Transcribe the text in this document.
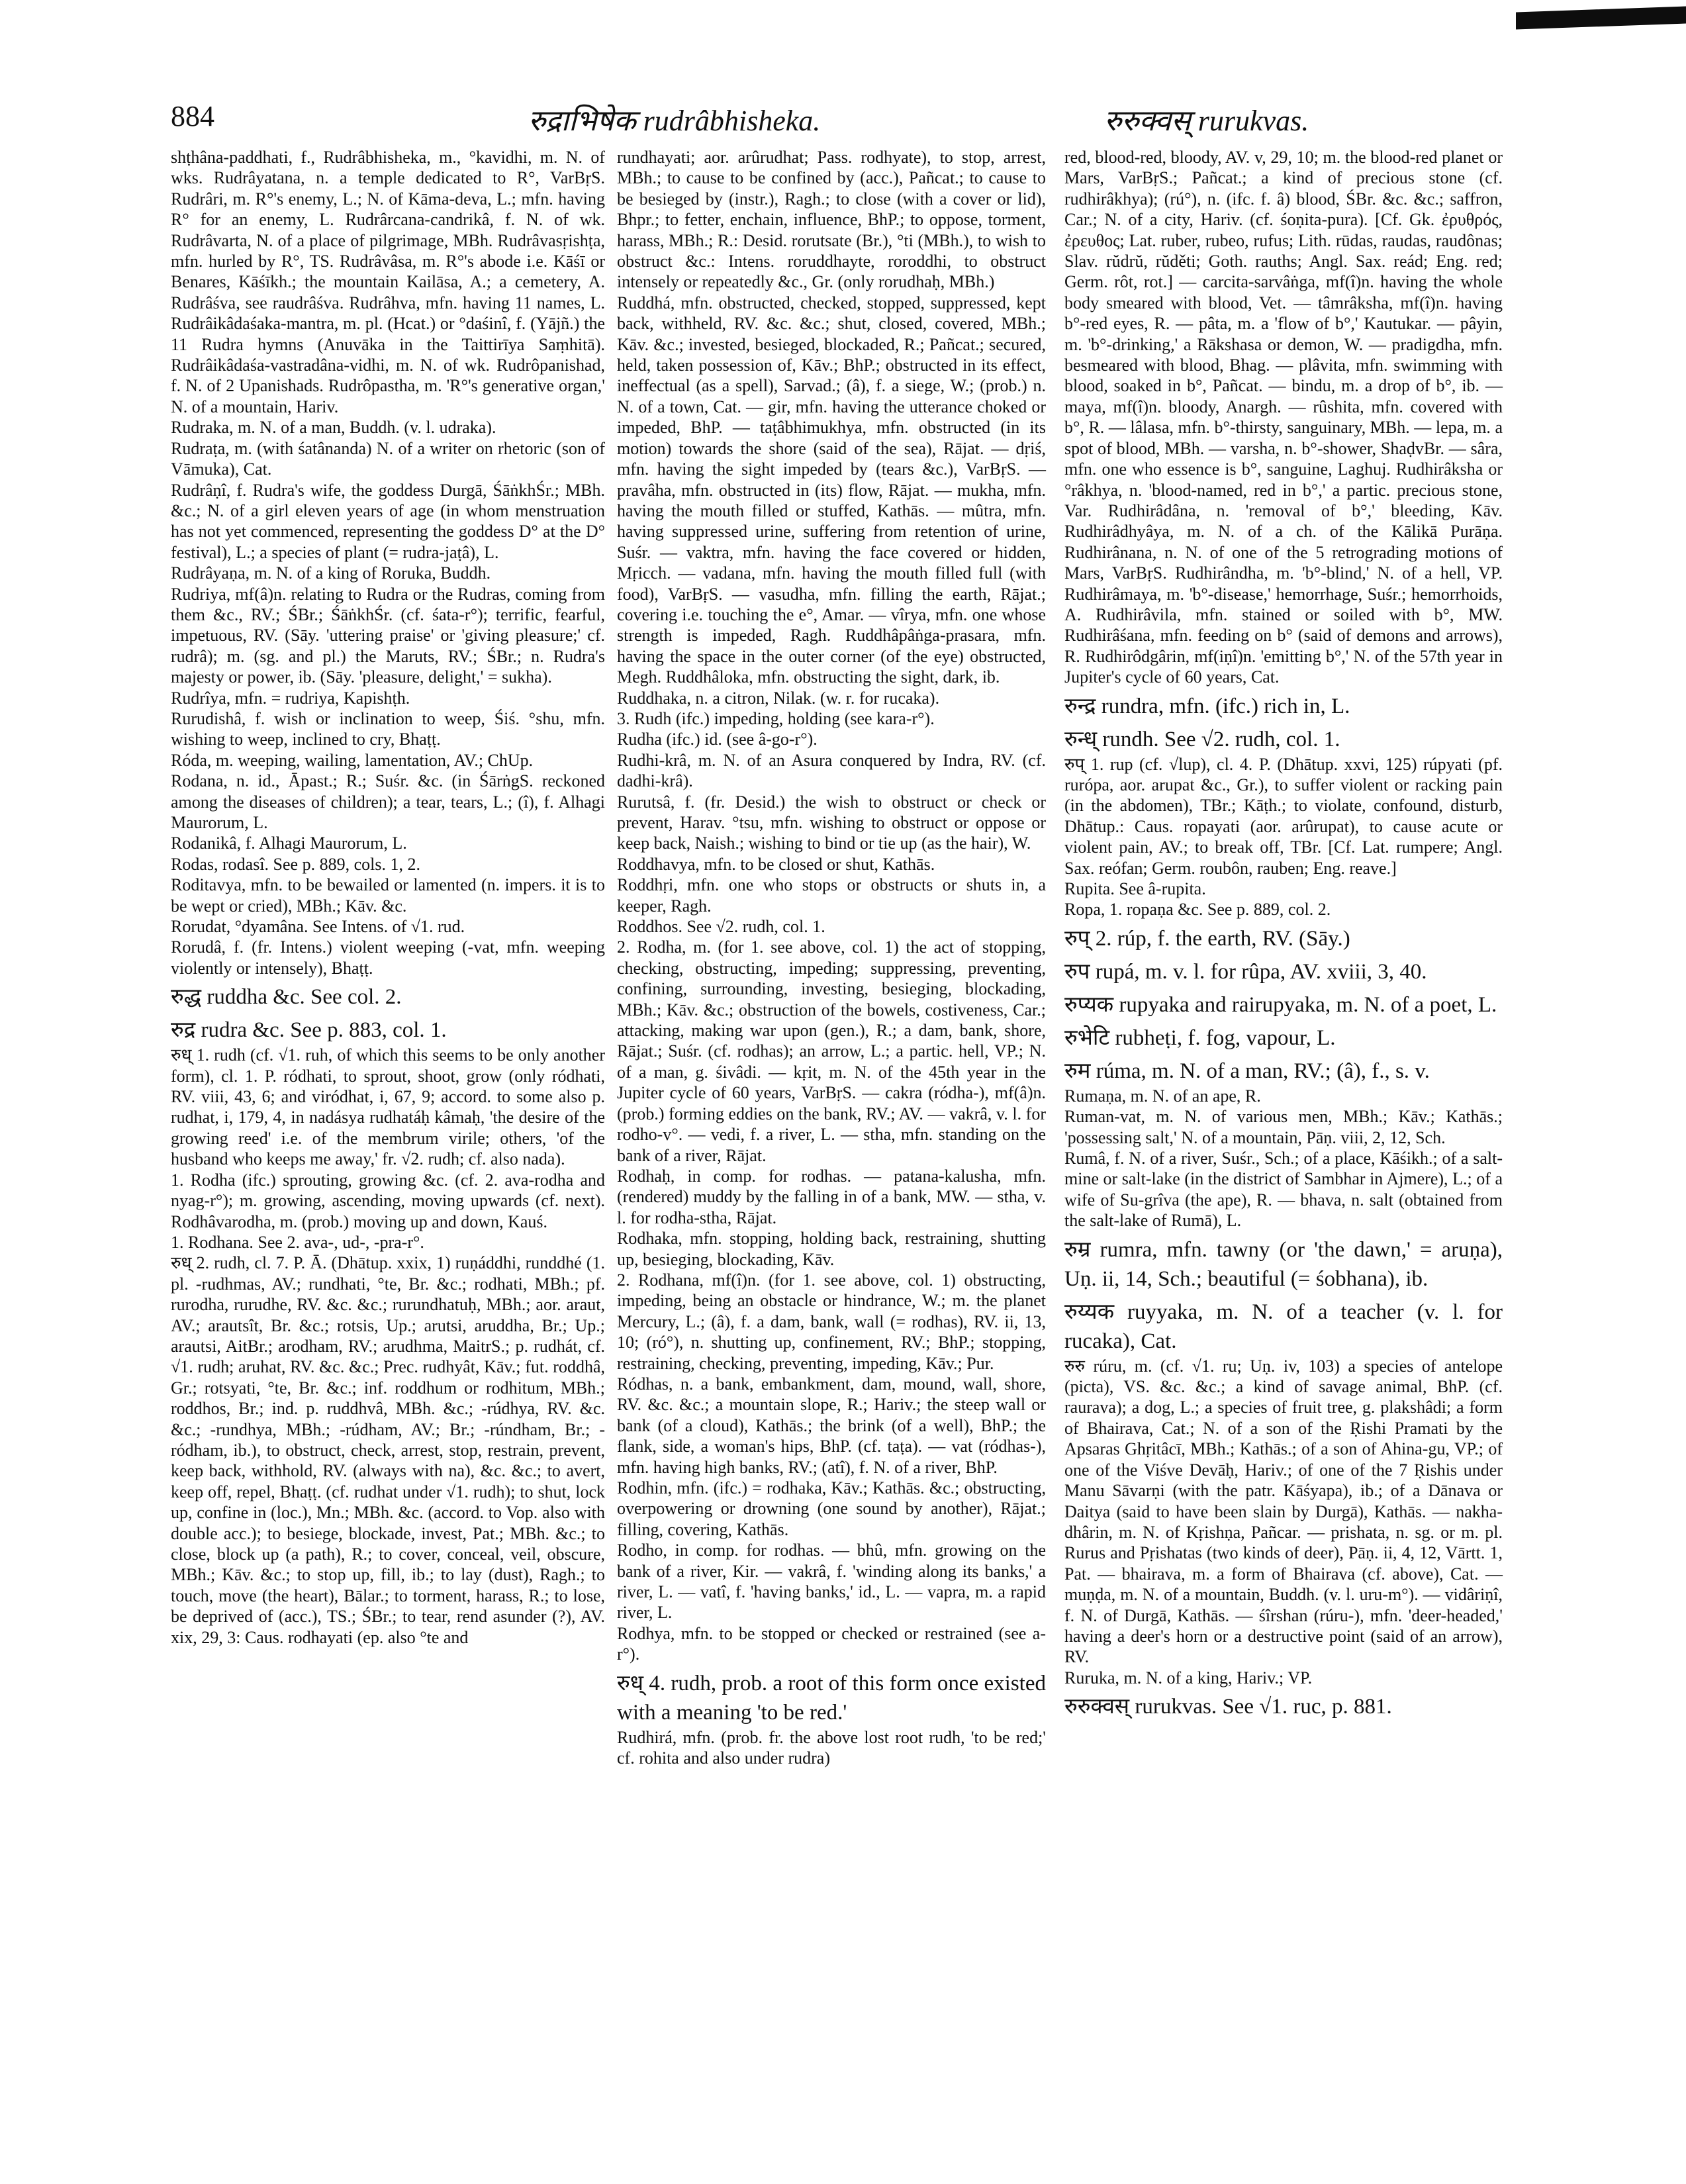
884	रुद्राभिषेक rudrâbhisheka.	रुरुक्वस् rurukvas.

shṭhâna-paddhati, f., Rudrâbhisheka, m., °kavidhi, m. N. of wks. Rudrâyatana, n. a temple dedicated to R°, VarBṛS. Rudrâri, m. R°'s enemy, L.; N. of Kāma-deva, L.; mfn. having R° for an enemy, L. Rudrârcana-candrikâ, f. N. of wk. Rudrâvarta, N. of a place of pilgrimage, MBh. Rudrâvasṛishṭa, mfn. hurled by R°, TS. Rudrâvâsa, m. R°'s abode i.e. Kāśī or Benares, Kāśīkh.; the mountain Kailāsa, A.; a cemetery, A. Rudrâśva, see raudrâśva. Rudrâhva, mfn. having 11 names, L. Rudrâikâdaśaka-mantra, m. pl. (Hcat.) or °daśinî, f. (Yājñ.) the 11 Rudra hymns (Anuvāka in the Taittirīya Saṃhitā). Rudrâikâdaśa-vastradâna-vidhi, m. N. of wk. Rudrôpanishad, f. N. of 2 Upanishads. Rudrôpastha, m. 'R°'s generative organ,' N. of a mountain, Hariv.

Rudraka, m. N. of a man, Buddh. (v. l. udraka).

Rudraṭa, m. (with śatânanda) N. of a writer on rhetoric (son of Vāmuka), Cat.

Rudrâṇî, f. Rudra's wife, the goddess Durgā, ŚāṅkhŚr.; MBh. &c.; N. of a girl eleven years of age (in whom menstruation has not yet commenced, representing the goddess D° at the D° festival), L.; a species of plant (= rudra-jaṭâ), L.

Rudrâyaṇa, m. N. of a king of Roruka, Buddh.

Rudriya, mf(â)n. relating to Rudra or the Rudras, coming from them &c., RV.; ŚBr.; ŚāṅkhŚr. (cf. śata-r°); terrific, fearful, impetuous, RV. (Sāy. 'uttering praise' or 'giving pleasure;' cf. rudrâ); m. (sg. and pl.) the Maruts, RV.; ŚBr.; n. Rudra's majesty or power, ib. (Sāy. 'pleasure, delight,' = sukha).

Rudrîya, mfn. = rudriya, Kapishṭh.

Rurudishâ, f. wish or inclination to weep, Śiś. °shu, mfn. wishing to weep, inclined to cry, Bhaṭṭ.

Róda, m. weeping, wailing, lamentation, AV.; ChUp.

Rodana, n. id., Āpast.; R.; Suśr. &c. (in ŚārṅgS. reckoned among the diseases of children); a tear, tears, L.; (î), f. Alhagi Maurorum, L.

Rodanikâ, f. Alhagi Maurorum, L.

Rodas, rodasî. See p. 889, cols. 1, 2.

Roditavya, mfn. to be bewailed or lamented (n. impers. it is to be wept or cried), MBh.; Kāv. &c.

Rorudat, °dyamâna. See Intens. of √1. rud.

Rorudâ, f. (fr. Intens.) violent weeping (-vat, mfn. weeping violently or intensely), Bhaṭṭ.

रुद्ध ruddha &c. See col. 2.

रुद्र rudra &c. See p. 883, col. 1.

रुध् 1. rudh (cf. √1. ruh, of which this seems to be only another form), cl. 1. P. ródhati, to sprout, shoot, grow (only ródhati, RV. viii, 43, 6; and viródhat, i, 67, 9; accord. to some also p. rudhat, i, 179, 4, in nadásya rudhatáḥ kâmaḥ, 'the desire of the growing reed' i.e. of the membrum virile; others, 'of the husband who keeps me away,' fr. √2. rudh; cf. also nada).

1. Rodha (ifc.) sprouting, growing &c. (cf. 2. ava-rodha and nyag-r°); m. growing, ascending, moving upwards (cf. next). Rodhâvarodha, m. (prob.) moving up and down, Kauś.

1. Rodhana. See 2. ava-, ud-, -pra-r°.

रुध् 2. rudh, cl. 7. P. Ā. (Dhātup. xxix, 1) ruṇáddhi, runddhé (1. pl. -rudhmas, AV.; rundhati, °te, Br. &c.; rodhati, MBh.; pf. rurodha, rurudhe, RV. &c. &c.; rurundhatuḥ, MBh.; aor. araut, AV.; arautsît, Br. &c.; rotsis, Up.; arutsi, aruddha, Br.; Up.; arautsi, AitBr.; arodham, RV.; arudhma, MaitrS.; p. rudhát, cf. √1. rudh; aruhat, RV. &c. &c.; Prec. rudhyât, Kāv.; fut. roddhâ, Gr.; rotsyati, °te, Br. &c.; inf. roddhum or rodhitum, MBh.; roddhos, Br.; ind. p. ruddhvâ, MBh. &c.; -rúdhya, RV. &c. &c.; -rundhya, MBh.; -rúdham, AV.; Br.; -rúndham, Br.; -ródham, ib.), to obstruct, check, arrest, stop, restrain, prevent, keep back, withhold, RV. (always with na), &c. &c.; to avert, keep off, repel, Bhaṭṭ. (cf. rudhat under √1. rudh); to shut, lock up, confine in (loc.), Mn.; MBh. &c. (accord. to Vop. also with double acc.); to besiege, blockade, invest, Pat.; MBh. &c.; to close, block up (a path), R.; to cover, conceal, veil, obscure, MBh.; Kāv. &c.; to stop up, fill, ib.; to lay (dust), Ragh.; to touch, move (the heart), Bālar.; to torment, harass, R.; to lose, be deprived of (acc.), TS.; ŚBr.; to tear, rend asunder (?), AV. xix, 29, 3: Caus. rodhayati (ep. also °te and

rundhayati; aor. arûrudhat; Pass. rodhyate), to stop, arrest, MBh.; to cause to be confined by (acc.), Pañcat.; to cause to be besieged by (instr.), Ragh.; to close (with a cover or lid), Bhpr.; to fetter, enchain, influence, BhP.; to oppose, torment, harass, MBh.; R.: Desid. rorutsate (Br.), °ti (MBh.), to wish to obstruct &c.: Intens. roruddhayte, roroddhi, to obstruct intensely or repeatedly &c., Gr. (only rorudhaḥ, MBh.)

Ruddhá, mfn. obstructed, checked, stopped, suppressed, kept back, withheld, RV. &c. &c.; shut, closed, covered, MBh.; Kāv. &c.; invested, besieged, blockaded, R.; Pañcat.; secured, held, taken possession of, Kāv.; BhP.; obstructed in its effect, ineffectual (as a spell), Sarvad.; (â), f. a siege, W.; (prob.) n. N. of a town, Cat. — gir, mfn. having the utterance choked or impeded, BhP. — taṭâbhimukhya, mfn. obstructed (in its motion) towards the shore (said of the sea), Rājat. — dṛiś, mfn. having the sight impeded by (tears &c.), VarBṛS. — pravâha, mfn. obstructed in (its) flow, Rājat. — mukha, mfn. having the mouth filled or stuffed, Kathās. — mûtra, mfn. having suppressed urine, suffering from retention of urine, Suśr. — vaktra, mfn. having the face covered or hidden, Mṛicch. — vadana, mfn. having the mouth filled full (with food), VarBṛS. — vasudha, mfn. filling the earth, Rājat.; covering i.e. touching the e°, Amar. — vîrya, mfn. one whose strength is impeded, Ragh. Ruddhâpâṅga-prasara, mfn. having the space in the outer corner (of the eye) obstructed, Megh. Ruddhâloka, mfn. obstructing the sight, dark, ib.

Ruddhaka, n. a citron, Nilak. (w. r. for rucaka).

3. Rudh (ifc.) impeding, holding (see kara-r°).

Rudha (ifc.) id. (see â-go-r°).

Rudhi-krâ, m. N. of an Asura conquered by Indra, RV. (cf. dadhi-krâ).

Rurutsâ, f. (fr. Desid.) the wish to obstruct or check or prevent, Harav. °tsu, mfn. wishing to obstruct or oppose or keep back, Naish.; wishing to bind or tie up (as the hair), W.

Roddhavya, mfn. to be closed or shut, Kathās.

Roddhṛi, mfn. one who stops or obstructs or shuts in, a keeper, Ragh.

Roddhos. See √2. rudh, col. 1.

2. Rodha, m. (for 1. see above, col. 1) the act of stopping, checking, obstructing, impeding; suppressing, preventing, confining, surrounding, investing, besieging, blockading, MBh.; Kāv. &c.; obstruction of the bowels, costiveness, Car.; attacking, making war upon (gen.), R.; a dam, bank, shore, Rājat.; Suśr. (cf. rodhas); an arrow, L.; a partic. hell, VP.; N. of a man, g. śivâdi. — kṛit, m. N. of the 45th year in the Jupiter cycle of 60 years, VarBṛS. — cakra (ródha-), mf(â)n. (prob.) forming eddies on the bank, RV.; AV. — vakrâ, v. l. for rodho-v°. — vedi, f. a river, L. — stha, mfn. standing on the bank of a river, Rājat.

Rodhaḥ, in comp. for rodhas. — patana-kalusha, mfn. (rendered) muddy by the falling in of a bank, MW. — stha, v. l. for rodha-stha, Rājat.

Rodhaka, mfn. stopping, holding back, restraining, shutting up, besieging, blockading, Kāv.

2. Rodhana, mf(î)n. (for 1. see above, col. 1) obstructing, impeding, being an obstacle or hindrance, W.; m. the planet Mercury, L.; (â), f. a dam, bank, wall (= rodhas), RV. ii, 13, 10; (ró°), n. shutting up, confinement, RV.; BhP.; stopping, restraining, checking, preventing, impeding, Kāv.; Pur.

Ródhas, n. a bank, embankment, dam, mound, wall, shore, RV. &c. &c.; a mountain slope, R.; Hariv.; the steep wall or bank (of a cloud), Kathās.; the brink (of a well), BhP.; the flank, side, a woman's hips, BhP. (cf. taṭa). — vat (ródhas-), mfn. having high banks, RV.; (atî), f. N. of a river, BhP.

Rodhin, mfn. (ifc.) = rodhaka, Kāv.; Kathās. &c.; obstructing, overpowering or drowning (one sound by another), Rājat.; filling, covering, Kathās.

Rodho, in comp. for rodhas. — bhû, mfn. growing on the bank of a river, Kir. — vakrâ, f. 'winding along its banks,' a river, L. — vatî, f. 'having banks,' id., L. — vapra, m. a rapid river, L.

Rodhya, mfn. to be stopped or checked or restrained (see a-r°).

रुध् 4. rudh, prob. a root of this form once existed with a meaning 'to be red.'

Rudhirá, mfn. (prob. fr. the above lost root rudh, 'to be red;' cf. rohita and also under rudra)

red, blood-red, bloody, AV. v, 29, 10; m. the blood-red planet or Mars, VarBṛS.; Pañcat.; a kind of precious stone (cf. rudhirâkhya); (rú°), n. (ifc. f. â) blood, ŚBr. &c. &c.; saffron, Car.; N. of a city, Hariv. (cf. śoṇita-pura). [Cf. Gk. ἐρυθρός, ἐρευθος; Lat. ruber, rubeo, rufus; Lith. rūdas, raudas, raudônas; Slav. rŭdrŭ, rŭděti; Goth. rauths; Angl. Sax. reád; Eng. red; Germ. rôt, rot.] — carcita-sarvâṅga, mf(î)n. having the whole body smeared with blood, Vet. — tâmrâksha, mf(î)n. having b°-red eyes, R. — pâta, m. a 'flow of b°,' Kautukar. — pâyin, m. 'b°-drinking,' a Rākshasa or demon, W. — pradigdha, mfn. besmeared with blood, Bhag. — plâvita, mfn. swimming with blood, soaked in b°, Pañcat. — bindu, m. a drop of b°, ib. — maya, mf(î)n. bloody, Anargh. — rûshita, mfn. covered with b°, R. — lâlasa, mfn. b°-thirsty, sanguinary, MBh. — lepa, m. a spot of blood, MBh. — varsha, n. b°-shower, ShaḍvBr. — sâra, mfn. one who essence is b°, sanguine, Laghuj. Rudhirâksha or °râkhya, n. 'blood-named, red in b°,' a partic. precious stone, Var. Rudhirâdâna, n. 'removal of b°,' bleeding, Kāv. Rudhirâdhyâya, m. N. of a ch. of the Kālikā Purāṇa. Rudhirânana, n. N. of one of the 5 retrograding motions of Mars, VarBṛS. Rudhirândha, m. 'b°-blind,' N. of a hell, VP. Rudhirâmaya, m. 'b°-disease,' hemorrhage, Suśr.; hemorrhoids, A. Rudhirâvila, mfn. stained or soiled with b°, MW. Rudhirâśana, mfn. feeding on b° (said of demons and arrows), R. Rudhirôdgârin, mf(iṇî)n. 'emitting b°,' N. of the 57th year in Jupiter's cycle of 60 years, Cat.

रुन्द्र rundra, mfn. (ifc.) rich in, L.

रुन्ध् rundh. See √2. rudh, col. 1.

रुप् 1. rup (cf. √lup), cl. 4. P. (Dhātup. xxvi, 125) rúpyati (pf. rurópa, aor. arupat &c., Gr.), to suffer violent or racking pain (in the abdomen), TBr.; Kāṭh.; to violate, confound, disturb, Dhātup.: Caus. ropayati (aor. arûrupat), to cause acute or violent pain, AV.; to break off, TBr. [Cf. Lat. rumpere; Angl. Sax. reófan; Germ. roubôn, rauben; Eng. reave.]

Rupita. See â-rupita.

Ropa, 1. ropaṇa &c. See p. 889, col. 2.

रुप् 2. rúp, f. the earth, RV. (Sāy.)

रुप rupá, m. v. l. for rûpa, AV. xviii, 3, 40.

रुप्यक rupyaka and rairupyaka, m. N. of a poet, L.

रुभेटि rubheṭi, f. fog, vapour, L.

रुम rúma, m. N. of a man, RV.; (â), f., s. v.

Rumaṇa, m. N. of an ape, R.

Ruman-vat, m. N. of various men, MBh.; Kāv.; Kathās.; 'possessing salt,' N. of a mountain, Pāṇ. viii, 2, 12, Sch.

Rumâ, f. N. of a river, Suśr., Sch.; of a place, Kāśikh.; of a salt-mine or salt-lake (in the district of Sambhar in Ajmere), L.; of a wife of Su-grîva (the ape), R. — bhava, n. salt (obtained from the salt-lake of Rumā), L.

रुम्र rumra, mfn. tawny (or 'the dawn,' = aruṇa), Uṇ. ii, 14, Sch.; beautiful (= śobhana), ib.

रुय्यक ruyyaka, m. N. of a teacher (v. l. for rucaka), Cat.

रुरु rúru, m. (cf. √1. ru; Uṇ. iv, 103) a species of antelope (picta), VS. &c. &c.; a kind of savage animal, BhP. (cf. raurava); a dog, L.; a species of fruit tree, g. plakshâdi; a form of Bhairava, Cat.; N. of a son of the Ṛishi Pramati by the Apsaras Ghṛitâcī, MBh.; Kathās.; of a son of Ahina-gu, VP.; of one of the Viśve Devāḥ, Hariv.; of one of the 7 Ṛishis under Manu Sāvarṇi (with the patr. Kāśyapa), ib.; of a Dānava or Daitya (said to have been slain by Durgā), Kathās. — nakha-dhârin, m. N. of Kṛishṇa, Pañcar. — prishata, n. sg. or m. pl. Rurus and Pṛishatas (two kinds of deer), Pāṇ. ii, 4, 12, Vārtt. 1, Pat. — bhairava, m. a form of Bhairava (cf. above), Cat. — muṇḍa, m. N. of a mountain, Buddh. (v. l. uru-m°). — vidâriṇî, f. N. of Durgā, Kathās. — śîrshan (rúru-), mfn. 'deer-headed,' having a deer's horn or a destructive point (said of an arrow), RV.

Ruruka, m. N. of a king, Hariv.; VP.

रुरुक्वस् rurukvas. See √1. ruc, p. 881.
